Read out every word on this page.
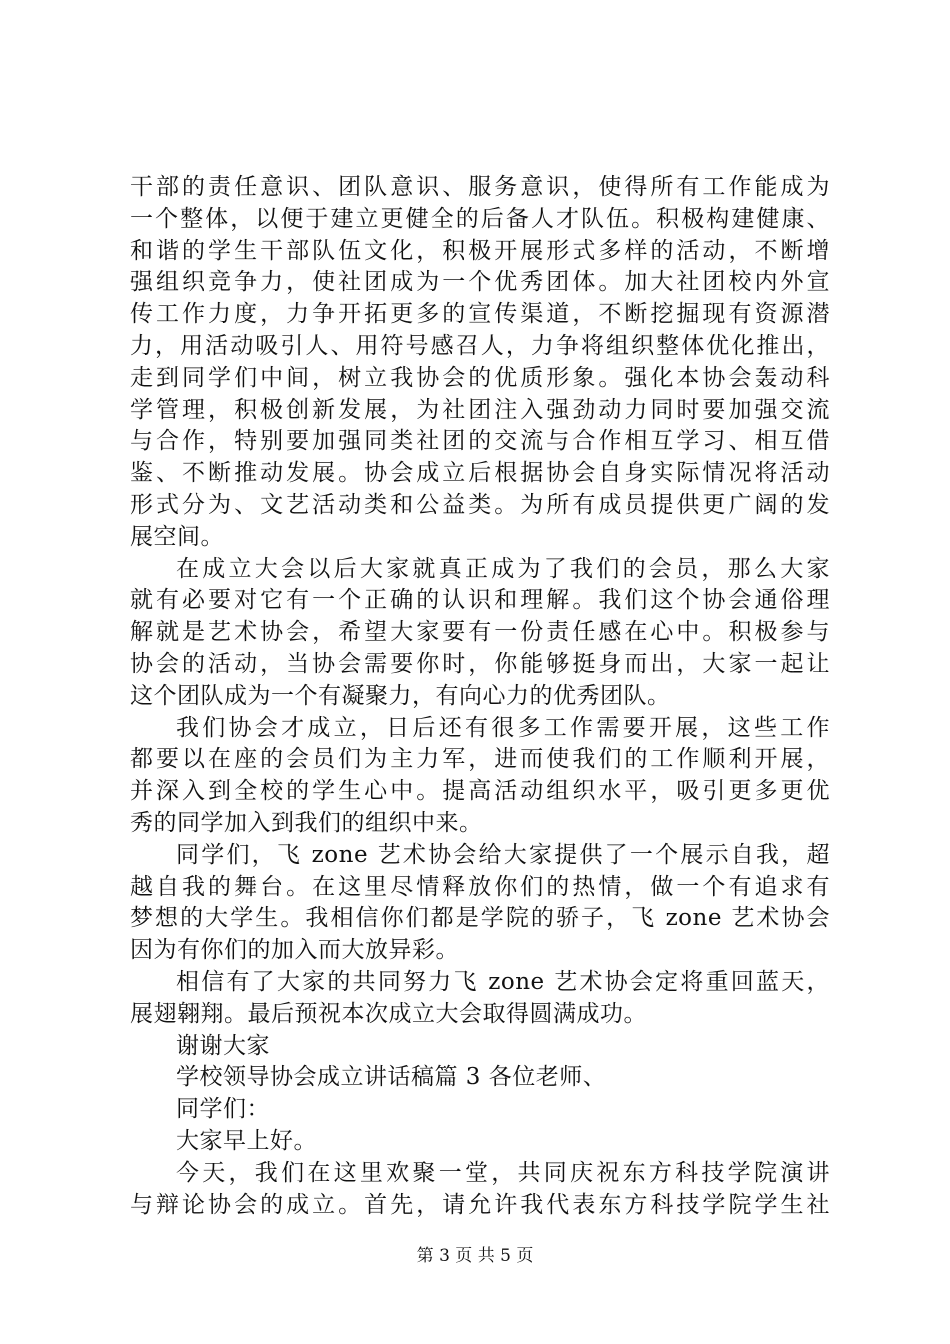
干部的责任意识、团队意识、服务意识，使得所有工作能成为
一个整体，以便于建立更健全的后备人才队伍。积极构建健康、
和谐的学生干部队伍文化，积极开展形式多样的活动，不断增
强组织竞争力，使社团成为一个优秀团体。加大社团校内外宣
传工作力度，力争开拓更多的宣传渠道，不断挖掘现有资源潜
力，用活动吸引人、用符号感召人，力争将组织整体优化推出，
走到同学们中间，树立我协会的优质形象。强化本协会轰动科
学管理，积极创新发展，为社团注入强劲动力同时要加强交流
与合作，特别要加强同类社团的交流与合作相互学习、相互借
鉴、不断推动发展。协会成立后根据协会自身实际情况将活动
形式分为、文艺活动类和公益类。为所有成员提供更广阔的发
展空间。
在成立大会以后大家就真正成为了我们的会员，那么大家
就有必要对它有一个正确的认识和理解。我们这个协会通俗理
解就是艺术协会，希望大家要有一份责任感在心中。积极参与
协会的活动，当协会需要你时，你能够挺身而出，大家一起让
这个团队成为一个有凝聚力，有向心力的优秀团队。
我们协会才成立，日后还有很多工作需要开展，这些工作
都要以在座的会员们为主力军，进而使我们的工作顺利开展，
并深入到全校的学生心中。提高活动组织水平，吸引更多更优
秀的同学加入到我们的组织中来。
同学们，飞 zone 艺术协会给大家提供了一个展示自我，超
越自我的舞台。在这里尽情释放你们的热情，做一个有追求有
梦想的大学生。我相信你们都是学院的骄子，飞 zone 艺术协会
因为有你们的加入而大放异彩。
相信有了大家的共同努力飞 zone 艺术协会定将重回蓝天，
展翅翱翔。最后预祝本次成立大会取得圆满成功。
谢谢大家
学校领导协会成立讲话稿篇 3 各位老师、
同学们：
大家早上好。
今天，我们在这里欢聚一堂，共同庆祝东方科技学院演讲
与辩论协会的成立。首先，请允许我代表东方科技学院学生社
第 3 页 共 5 页
